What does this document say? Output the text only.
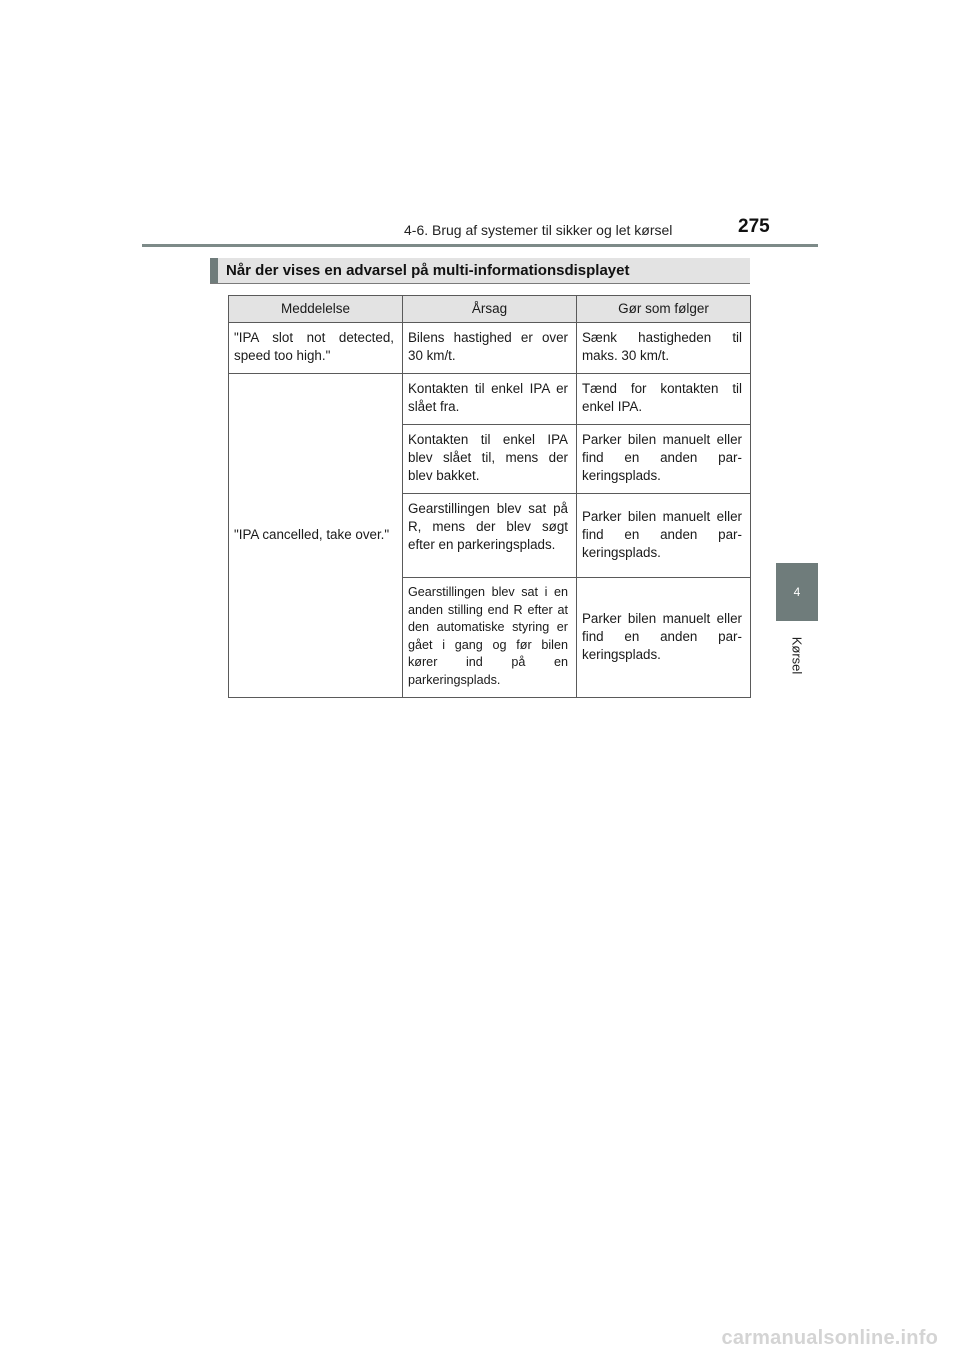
4-6. Brug af systemer til sikker og let kørsel	275
Når der vises en advarsel på multi-informationsdisplayet
Meddelelse	Årsag	Gør som følger
"IPA slot not detected, speed too high."	Bilens hastighed er over 30 km/t.	Sænk hastigheden til maks. 30 km/t.
"IPA cancelled, take over."	Kontakten til enkel IPA er slået fra.	Tænd for kontakten til enkel IPA.
	Kontakten til enkel IPA blev slået til, mens der blev bakket.	Parker bilen manuelt eller find en anden parkeringsplads.
	Gearstillingen blev sat på R, mens der blev søgt efter en parkeringsplads.	Parker bilen manuelt eller find en anden parkeringsplads.
	Gearstillingen blev sat i en anden stilling end R efter at den automatiske styring er gået i gang og før bilen kører ind på en parkeringsplads.	Parker bilen manuelt eller find en anden parkeringsplads.
4
Kørsel
carmanualsonline.info
